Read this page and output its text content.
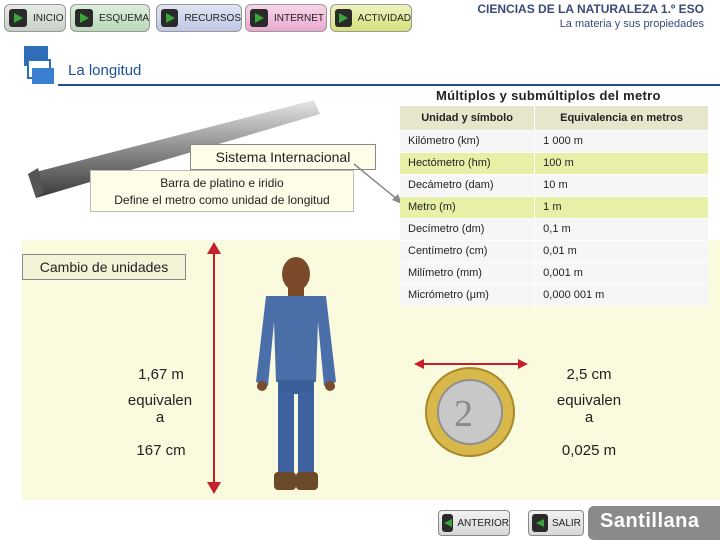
INICIO	ESQUEMA	RECURSOS	INTERNET	ACTIVIDAD
CIENCIAS DE LA NATURALEZA 1.º ESO
La materia y sus propiedades
La longitud
Sistema Internacional
Barra de platino e iridio
Define el metro como unidad de longitud
Cambio de unidades
Múltiplos y submúltiplos del metro
Unidad y símbolo	Equivalencia en metros
Kilómetro (km)	1 000 m
Hectómetro (hm)	100 m
Decámetro (dam)	10 m
Metro (m)	1 m
Decímetro (dm)	0,1 m
Centímetro (cm)	0,01 m
Milímetro (mm)	0,001 m
Micrómetro (μm)	0,000 001 m
1,67 m
equivalen
a
167 cm
2
2,5 cm
equivalen
a
0,025 m
ANTERIOR	SALIR Santillana
